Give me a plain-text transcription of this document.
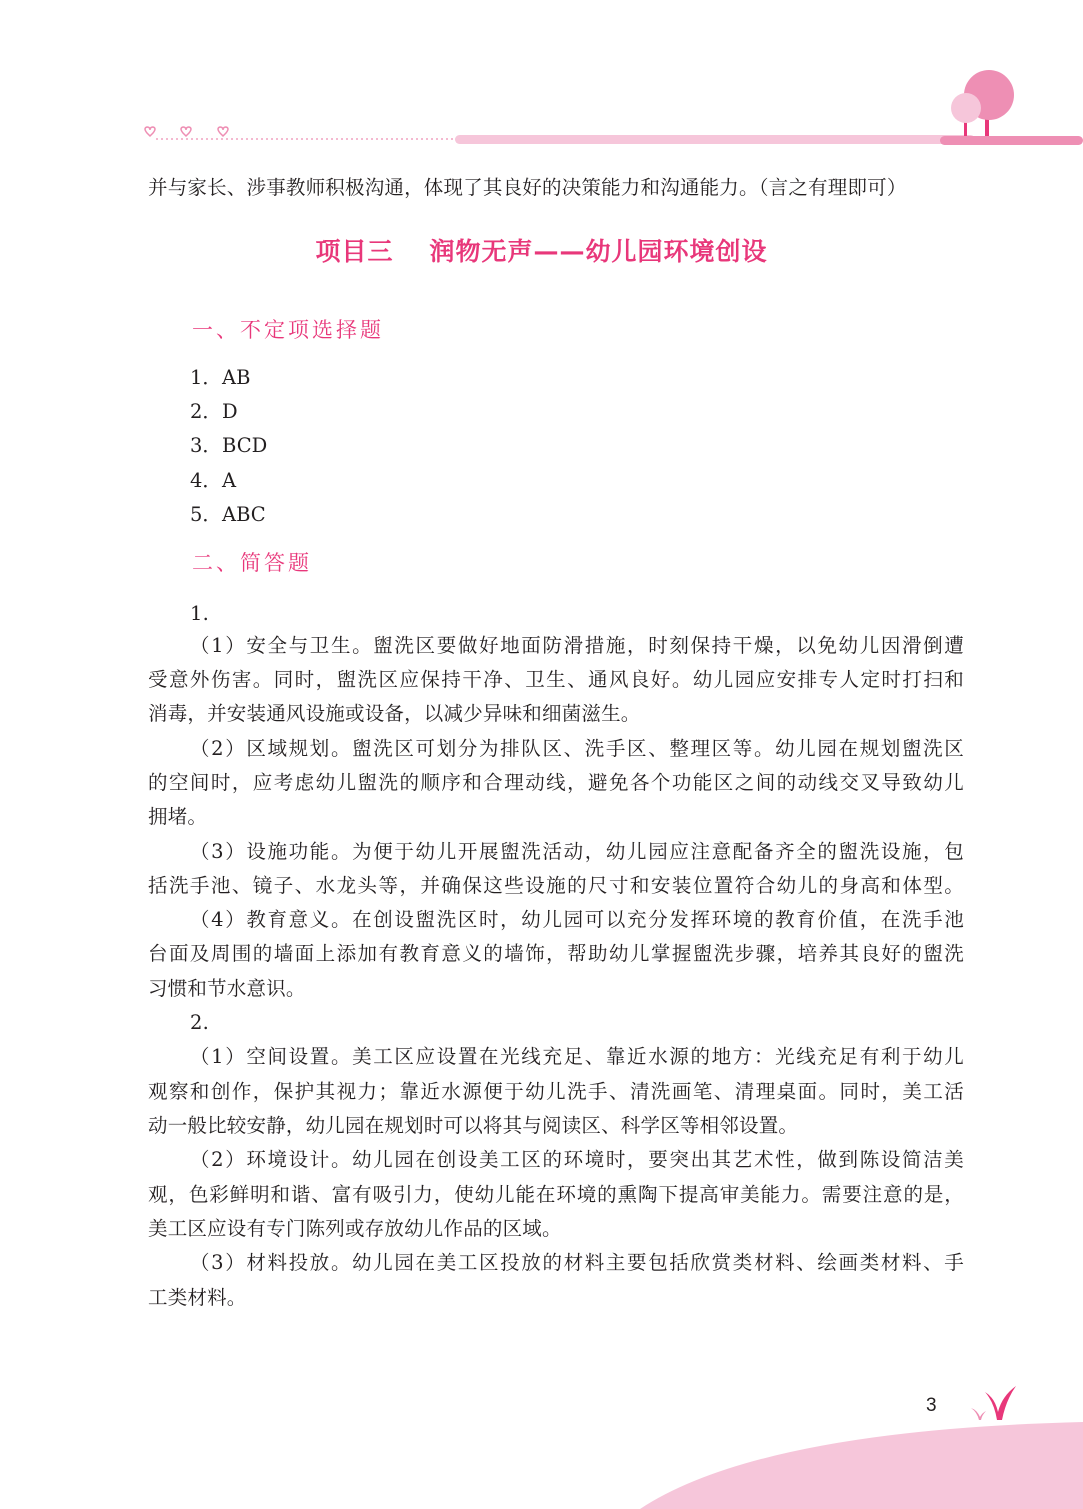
并与家长、涉事教师积极沟通，体现了其良好的决策能力和沟通能力。（言之有理即可）
项目三 润物无声——幼儿园环境创设
一、不定项选择题
1．AB
2．D
3．BCD
4．A
5．ABC
二、简答题
1.
（1）安全与卫生。盥洗区要做好地面防滑措施，时刻保持干燥，以免幼儿因滑倒遭
受意外伤害。同时，盥洗区应保持干净、卫生、通风良好。幼儿园应安排专人定时打扫和
消毒，并安装通风设施或设备，以减少异味和细菌滋生。
（2）区域规划。盥洗区可划分为排队区、洗手区、整理区等。幼儿园在规划盥洗区
的空间时，应考虑幼儿盥洗的顺序和合理动线，避免各个功能区之间的动线交叉导致幼儿
拥堵。
（3）设施功能。为便于幼儿开展盥洗活动，幼儿园应注意配备齐全的盥洗设施，包
括洗手池、镜子、水龙头等，并确保这些设施的尺寸和安装位置符合幼儿的身高和体型。
（4）教育意义。在创设盥洗区时，幼儿园可以充分发挥环境的教育价值，在洗手池
台面及周围的墙面上添加有教育意义的墙饰，帮助幼儿掌握盥洗步骤，培养其良好的盥洗
习惯和节水意识。
2.
（1）空间设置。美工区应设置在光线充足、靠近水源的地方：光线充足有利于幼儿
观察和创作，保护其视力；靠近水源便于幼儿洗手、清洗画笔、清理桌面。同时，美工活
动一般比较安静，幼儿园在规划时可以将其与阅读区、科学区等相邻设置。
（2）环境设计。幼儿园在创设美工区的环境时，要突出其艺术性，做到陈设简洁美
观，色彩鲜明和谐、富有吸引力，使幼儿能在环境的熏陶下提高审美能力。需要注意的是，
美工区应设有专门陈列或存放幼儿作品的区域。
（3）材料投放。幼儿园在美工区投放的材料主要包括欣赏类材料、绘画类材料、手
工类材料。
3
